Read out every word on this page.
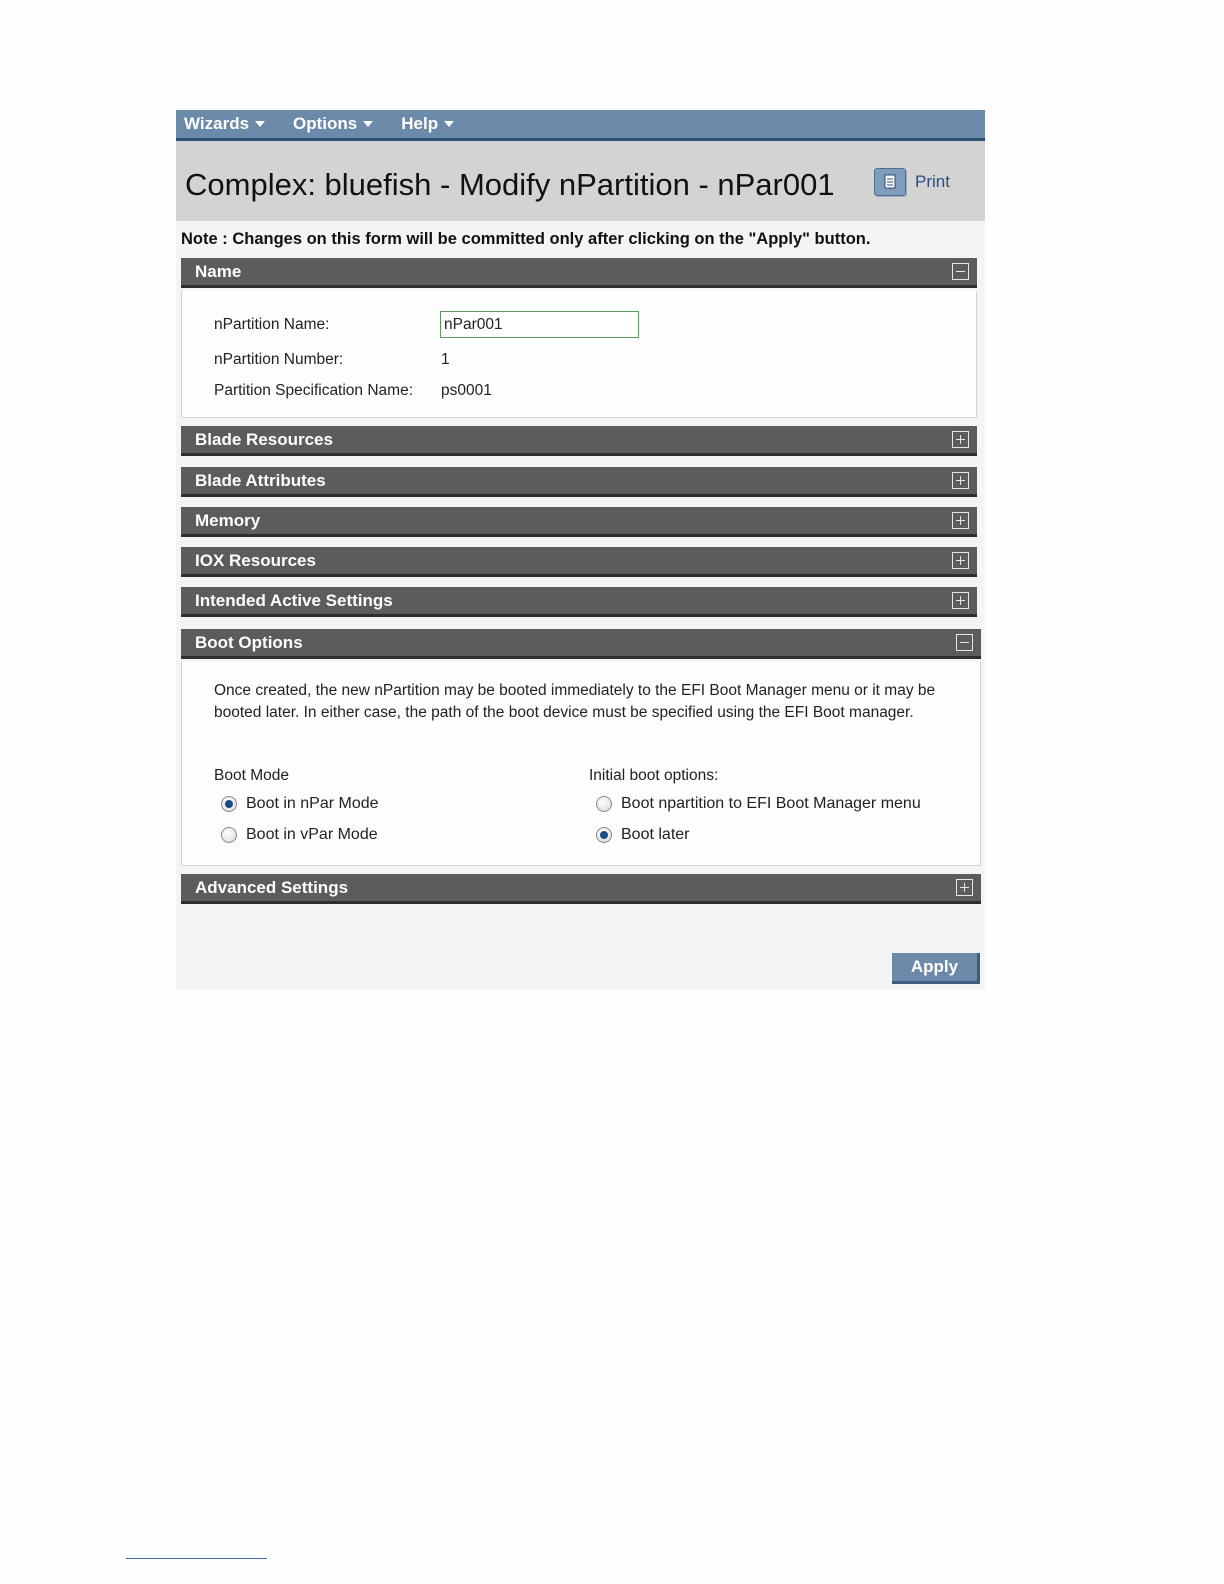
Wizards	Options	Help
Complex: bluefish - Modify nPartition - nPar001	Print
Note : Changes on this form will be committed only after clicking on the "Apply" button.
Name
nPartition Name:
nPar001
nPartition Number:	1
Partition Specification Name: ps0001
Blade Resources
Blade Attributes
Memory
IOX Resources
Intended Active Settings
Boot Options
Once created, the new nPartition may be booted immediately to the EFI Boot Manager menu or it may be booted later. In either case, the path of the boot device must be specified using the EFI Boot manager.
Boot Mode
Boot in nPar Mode
Boot in vPar Mode
Initial boot options:
Boot npartition to EFI Boot Manager menu
Boot later
Advanced Settings
Apply
